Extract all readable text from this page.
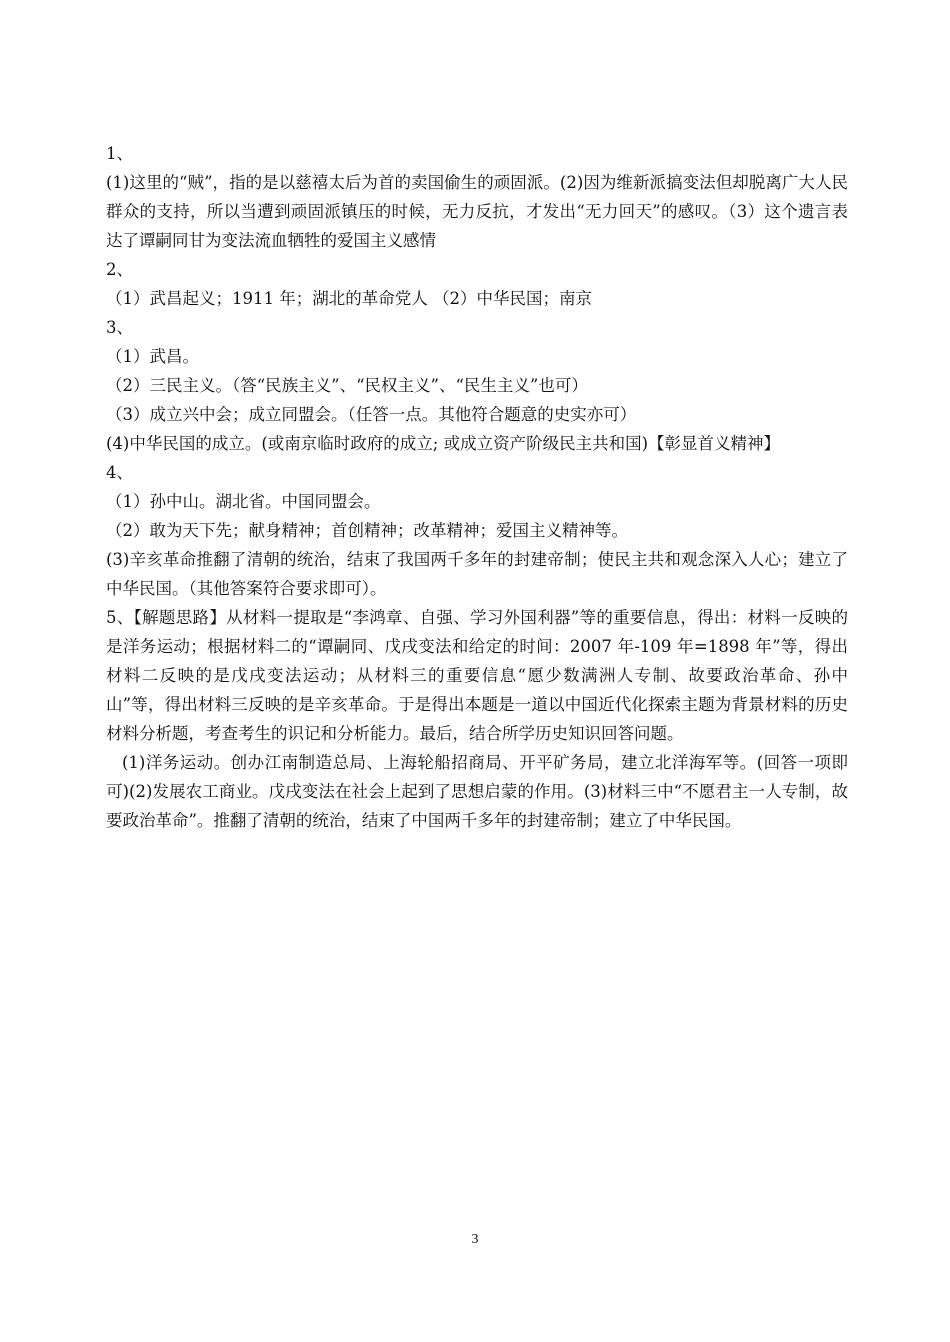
1、
(1)这里的“贼”，指的是以慈禧太后为首的卖国偷生的顽固派。(2)因为维新派搞变法但却脱离广大人民群众的支持，所以当遭到顽固派镇压的时候，无力反抗，才发出“无力回天”的感叹。（3）这个遗言表达了谭嗣同甘为变法流血牺牲的爱国主义感情
2、
（1）武昌起义；1911 年；湖北的革命党人 （2）中华民国；南京
3、
（1）武昌。
（2）三民主义。（答“民族主义”、“民权主义”、“民生主义”也可）
（3）成立兴中会；成立同盟会。（任答一点。其他符合题意的史实亦可）
(4)中华民国的成立。(或南京临时政府的成立; 或成立资产阶级民主共和国)【彰显首义精神】
4、
（1）孙中山。湖北省。中国同盟会。
（2）敢为天下先；献身精神；首创精神；改革精神；爱国主义精神等。
(3)辛亥革命推翻了清朝的统治，结束了我国两千多年的封建帝制；使民主共和观念深入人心；建立了中华民国。（其他答案符合要求即可）。
5、【解题思路】从材料一提取是“李鸿章、自强、学习外国利器”等的重要信息，得出：材料一反映的是洋务运动；根据材料二的“谭嗣同、戊戌变法和给定的时间：2007 年-109 年=1898 年”等，得出材料二反映的是戊戌变法运动；从材料三的重要信息“愿少数满洲人专制、故要政治革命、孙中山”等，得出材料三反映的是辛亥革命。于是得出本题是一道以中国近代化探索主题为背景材料的历史材料分析题，考查考生的识记和分析能力。最后，结合所学历史知识回答问题。
(1)洋务运动。创办江南制造总局、上海轮船招商局、开平矿务局，建立北洋海军等。(回答一项即可)(2)发展农工商业。戊戌变法在社会上起到了思想启蒙的作用。(3)材料三中“不愿君主一人专制，故要政治革命”。推翻了清朝的统治，结束了中国两千多年的封建帝制；建立了中华民国。
3
